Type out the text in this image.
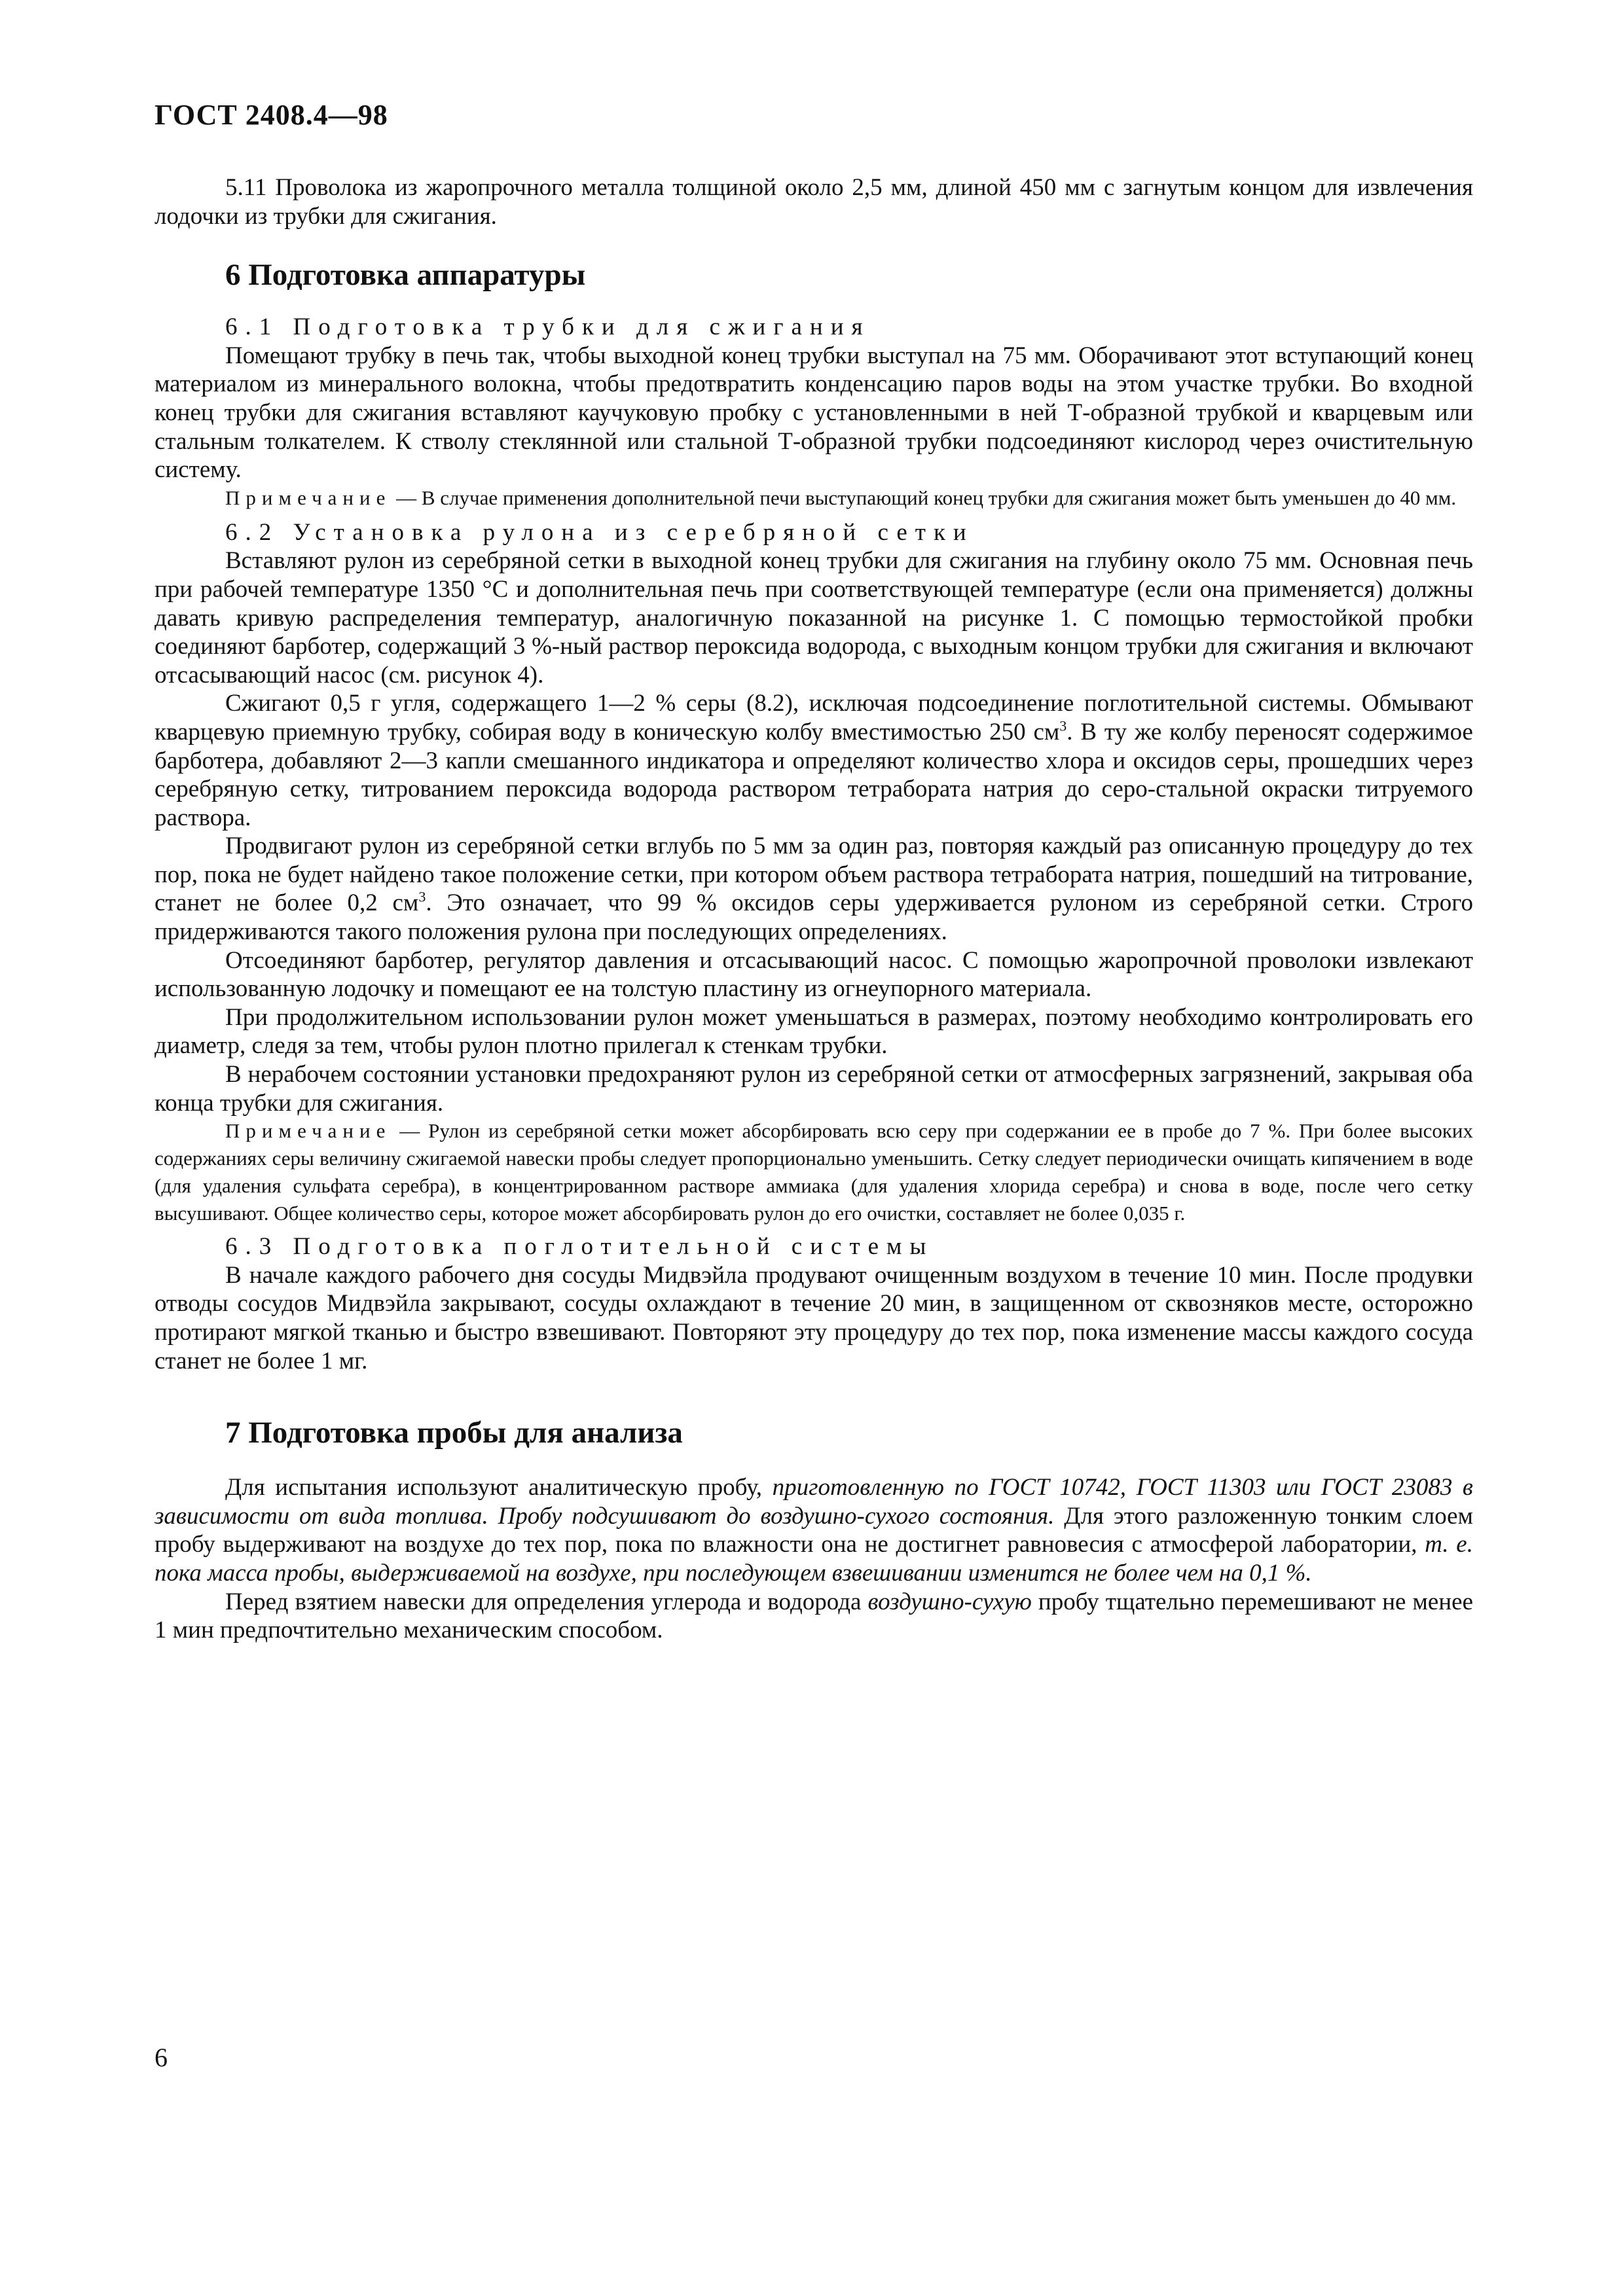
ГОСТ 2408.4—98

5.11 Проволока из жаропрочного металла толщиной около 2,5 мм, длиной 450 мм с загнутым концом для извлечения лодочки из трубки для сжигания.

6 Подготовка аппаратуры

6.1 Подготовка трубки для сжигания

Помещают трубку в печь так, чтобы выходной конец трубки выступал на 75 мм. Оборачивают этот вступающий конец материалом из минерального волокна, чтобы предотвратить конденсацию паров воды на этом участке трубки. Во входной конец трубки для сжигания вставляют каучуковую пробку с установленными в ней Т-образной трубкой и кварцевым или стальным толкателем. К стволу стеклянной или стальной Т-образной трубки подсоединяют кислород через очистительную систему.

Примечание — В случае применения дополнительной печи выступающий конец трубки для сжигания может быть уменьшен до 40 мм.

6.2 Установка рулона из серебряной сетки

Вставляют рулон из серебряной сетки в выходной конец трубки для сжигания на глубину около 75 мм. Основная печь при рабочей температуре 1350 °С и дополнительная печь при соответствующей температуре (если она применяется) должны давать кривую распределения температур, аналогичную показанной на рисунке 1. С помощью термостойкой пробки соединяют барботер, содержащий 3 %-ный раствор пероксида водорода, с выходным концом трубки для сжигания и включают отсасывающий насос (см. рисунок 4).

Сжигают 0,5 г угля, содержащего 1—2 % серы (8.2), исключая подсоединение поглотительной системы. Обмывают кварцевую приемную трубку, собирая воду в коническую колбу вместимостью 250 $см^3$. В ту же колбу переносят содержимое барботера, добавляют 2—3 капли смешанного индикатора и определяют количество хлора и оксидов серы, прошедших через серебряную сетку, титрованием пероксида водорода раствором тетрабората натрия до серо-стальной окраски титруемого раствора.

Продвигают рулон из серебряной сетки вглубь по 5 мм за один раз, повторяя каждый раз описанную процедуру до тех пор, пока не будет найдено такое положение сетки, при котором объем раствора тетрабората натрия, пошедший на титрование, станет не более 0,2 $см^3$. Это означает, что 99 % оксидов серы удерживается рулоном из серебряной сетки. Строго придерживаются такого положения рулона при последующих определениях.

Отсоединяют барботер, регулятор давления и отсасывающий насос. С помощью жаропрочной проволоки извлекают использованную лодочку и помещают ее на толстую пластину из огнеупорного материала.

При продолжительном использовании рулон может уменьшаться в размерах, поэтому необходимо контролировать его диаметр, следя за тем, чтобы рулон плотно прилегал к стенкам трубки.

В нерабочем состоянии установки предохраняют рулон из серебряной сетки от атмосферных загрязнений, закрывая оба конца трубки для сжигания.

Примечание — Рулон из серебряной сетки может абсорбировать всю серу при содержании ее в пробе до 7 %. При более высоких содержаниях серы величину сжигаемой навески пробы следует пропорционально уменьшить. Сетку следует периодически очищать кипячением в воде (для удаления сульфата серебра), в концентрированном растворе аммиака (для удаления хлорида серебра) и снова в воде, после чего сетку высушивают. Общее количество серы, которое может абсорбировать рулон до его очистки, составляет не более 0,035 г.

6.3 Подготовка поглотительной системы

В начале каждого рабочего дня сосуды Мидвэйла продувают очищенным воздухом в течение 10 мин. После продувки отводы сосудов Мидвэйла закрывают, сосуды охлаждают в течение 20 мин, в защищенном от сквозняков месте, осторожно протирают мягкой тканью и быстро взвешивают. Повторяют эту процедуру до тех пор, пока изменение массы каждого сосуда станет не более 1 мг.

7 Подготовка пробы для анализа

Для испытания используют аналитическую пробу, приготовленную по ГОСТ 10742, ГОСТ 11303 или ГОСТ 23083 в зависимости от вида топлива. Пробу подсушивают до воздушно-сухого состояния. Для этого разложенную тонким слоем пробу выдерживают на воздухе до тех пор, пока по влажности она не достигнет равновесия с атмосферой лаборатории, т. е. пока масса пробы, выдерживаемой на воздухе, при последующем взвешивании изменится не более чем на 0,1 %.

Перед взятием навески для определения углерода и водорода воздушно-сухую пробу тщательно перемешивают не менее 1 мин предпочтительно механическим способом.

6
